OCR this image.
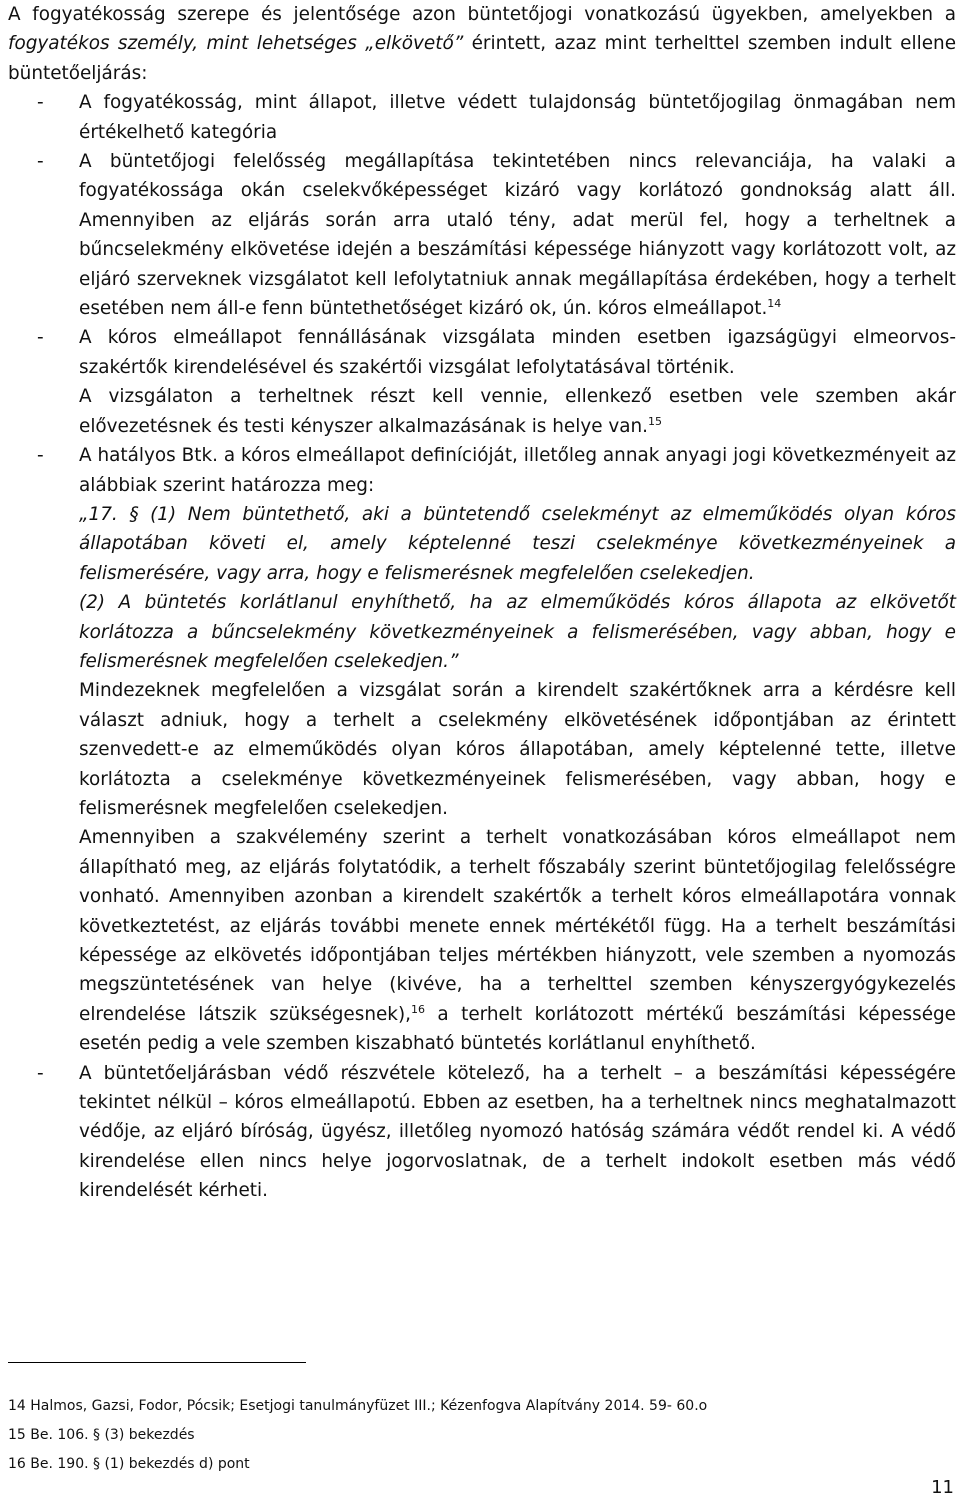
A fogyatékosság szerepe és jelentősége azon büntetőjogi vonatkozású ügyekben, amelyekben a fogyatékos személy, mint lehetséges „elkövető” érintett, azaz mint terhelttel szemben indult ellene büntetőeljárás:

- A fogyatékosság, mint állapot, illetve védett tulajdonság büntetőjogilag önmagában nem értékelhető kategória
- A büntetőjogi felelősség megállapítása tekintetében nincs relevanciája, ha valaki a fogyatékossága okán cselekvőképességet kizáró vagy korlátozó gondnokság alatt áll. Amennyiben az eljárás során arra utaló tény, adat merül fel, hogy a terheltnek a bűncselekmény elkövetése idején a beszámítási képessége hiányzott vagy korlátozott volt, az eljáró szerveknek vizsgálatot kell lefolytatniuk annak megállapítása érdekében, hogy a terhelt esetében nem áll-e fenn büntethetőséget kizáró ok, ún. kóros elmeállapot.$^{14}$
- A kóros elmeállapot fennállásának vizsgálata minden esetben igazságügyi elmeorvos-szakértők kirendelésével és szakértői vizsgálat lefolytatásával történik.

A vizsgálaton a terheltnek részt kell vennie, ellenkező esetben vele szemben akár elővezetésnek és testi kényszer alkalmazásának is helye van.$^{15}$

- A hatályos Btk. a kóros elmeállapot definícióját, illetőleg annak anyagi jogi következményeit az alábbiak szerint határozza meg:

„17. § (1) Nem büntethető, aki a büntetendő cselekményt az elmeműködés olyan kóros állapotában követi el, amely képtelenné teszi cselekménye következményeinek a felismerésére, vagy arra, hogy e felismerésnek megfelelően cselekedjen.

(2) A büntetés korlátlanul enyhíthető, ha az elmeműködés kóros állapota az elkövetőt korlátozza a bűncselekmény következményeinek a felismerésében, vagy abban, hogy e felismerésnek megfelelően cselekedjen.”

Mindezeknek megfelelően a vizsgálat során a kirendelt szakértőknek arra a kérdésre kell választ adniuk, hogy a terhelt a cselekmény elkövetésének időpontjában az érintett szenvedett-e az elmeműködés olyan kóros állapotában, amely képtelenné tette, illetve korlátozta a cselekménye következményeinek felismerésében, vagy abban, hogy e felismerésnek megfelelően cselekedjen.

Amennyiben a szakvélemény szerint a terhelt vonatkozásában kóros elmeállapot nem állapítható meg, az eljárás folytatódik, a terhelt főszabály szerint büntetőjogilag felelősségre vonható. Amennyiben azonban a kirendelt szakértők a terhelt kóros elmeállapotára vonnak következtetést, az eljárás további menete ennek mértékétől függ. Ha a terhelt beszámítási képessége az elkövetés időpontjában teljes mértékben hiányzott, vele szemben a nyomozás megszüntetésének van helye (kivéve, ha a terhelttel szemben kényszergyógykezelés elrendelése látszik szükségesnek),$^{16}$ a terhelt korlátozott mértékű beszámítási képessége esetén pedig a vele szemben kiszabható büntetés korlátlanul enyhíthető.

- A büntetőeljárásban védő részvétele kötelező, ha a terhelt – a beszámítási képességére tekintet nélkül – kóros elmeállapotú. Ebben az esetben, ha a terheltnek nincs meghatalmazott védője, az eljáró bíróság, ügyész, illetőleg nyomozó hatóság számára védőt rendel ki. A védő kirendelése ellen nincs helye jogorvoslatnak, de a terhelt indokolt esetben más védő kirendelését kérheti.

14 Halmos, Gazsi, Fodor, Pócsik; Esetjogi tanulmányfüzet III.; Kézenfogva Alapítvány 2014. 59- 60.o

15 Be. 106. § (3) bekezdés

16 Be. 190. § (1) bekezdés d) pont

11
